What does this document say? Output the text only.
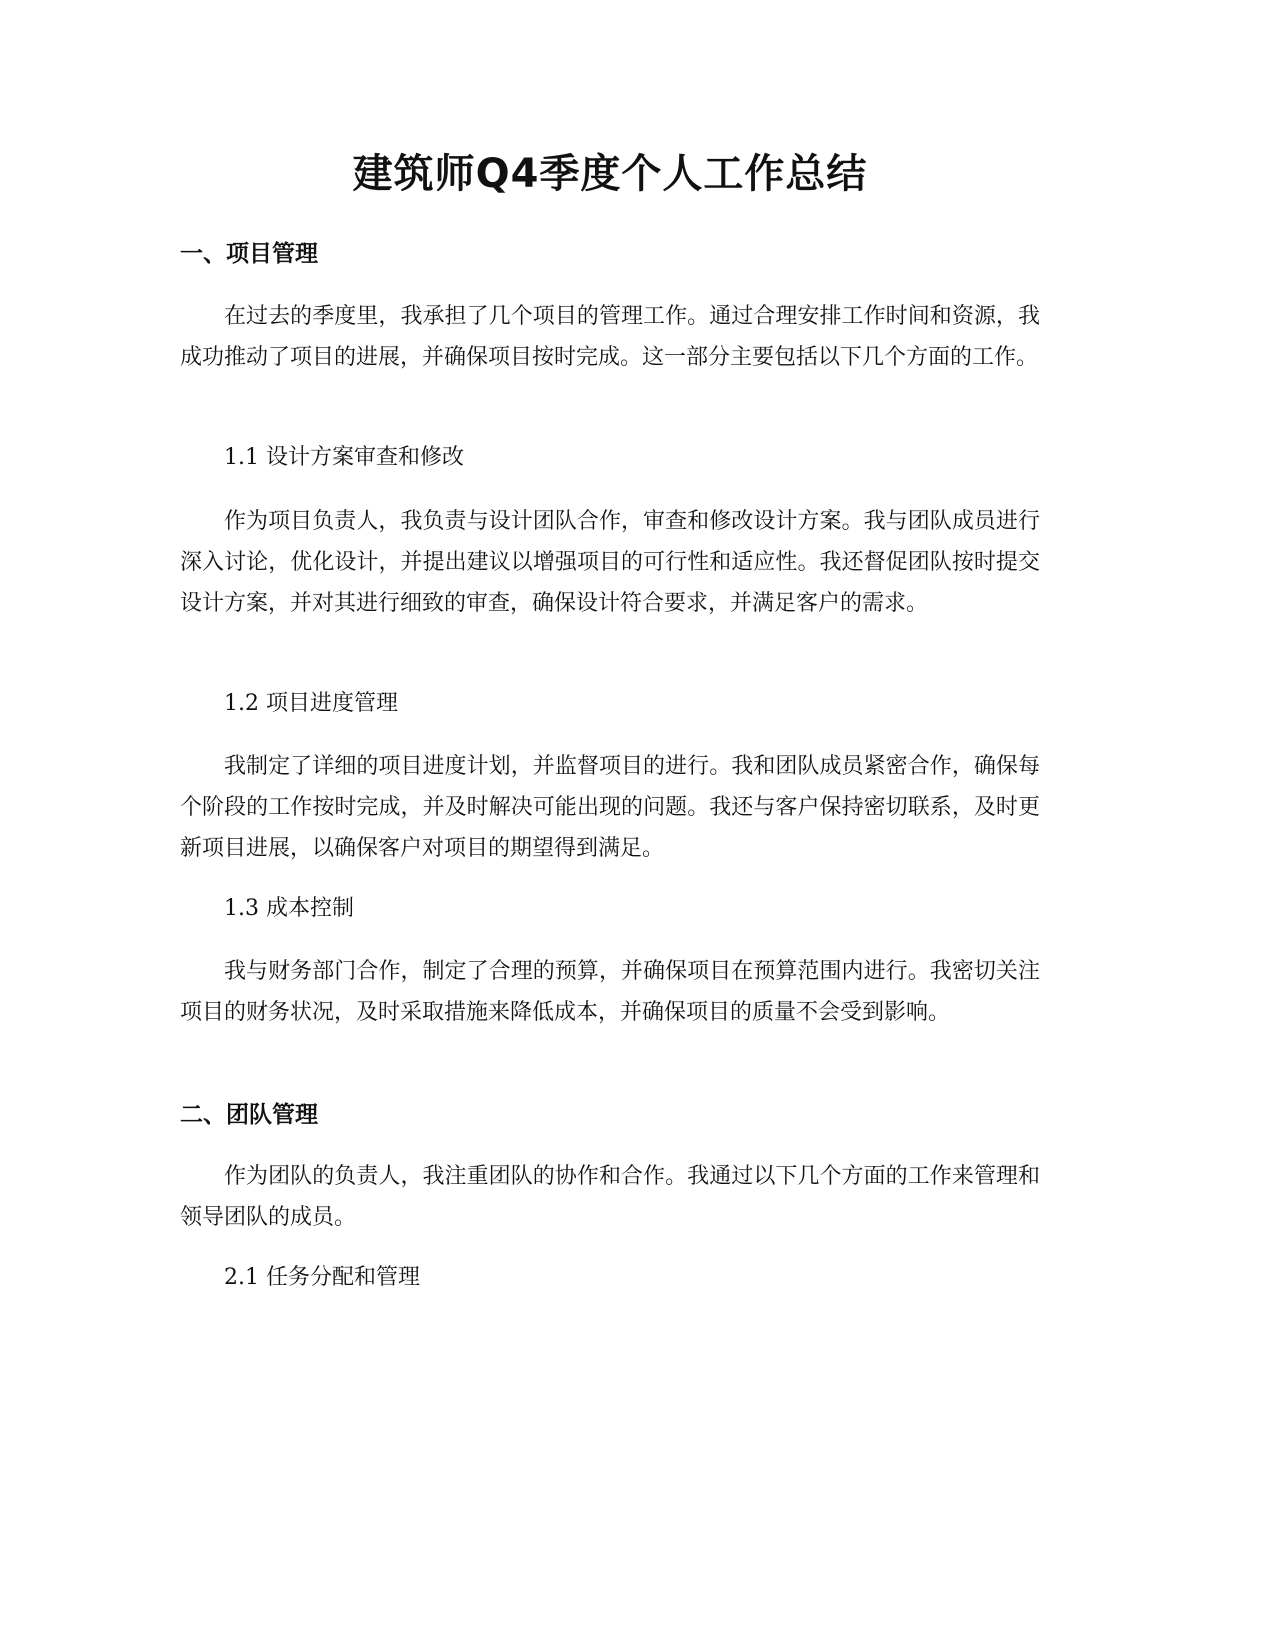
建筑师Q4季度个人工作总结
一、项目管理

在过去的季度里，我承担了几个项目的管理工作。通过合理安排工作时间和资源，我成功推动了项目的进展，并确保项目按时完成。这一部分主要包括以下几个方面的工作。

1.1 设计方案审查和修改

作为项目负责人，我负责与设计团队合作，审查和修改设计方案。我与团队成员进行深入讨论，优化设计，并提出建议以增强项目的可行性和适应性。我还督促团队按时提交设计方案，并对其进行细致的审查，确保设计符合要求，并满足客户的需求。

1.2 项目进度管理

我制定了详细的项目进度计划，并监督项目的进行。我和团队成员紧密合作，确保每个阶段的工作按时完成，并及时解决可能出现的问题。我还与客户保持密切联系，及时更新项目进展，以确保客户对项目的期望得到满足。

1.3 成本控制

我与财务部门合作，制定了合理的预算，并确保项目在预算范围内进行。我密切关注项目的财务状况，及时采取措施来降低成本，并确保项目的质量不会受到影响。

二、团队管理

作为团队的负责人，我注重团队的协作和合作。我通过以下几个方面的工作来管理和领导团队的成员。

2.1 任务分配和管理
